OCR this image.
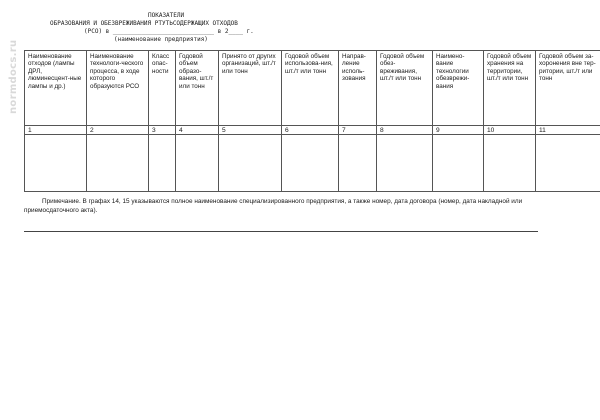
normdocs.ru
ПОКАЗАТЕЛИ
ОБРАЗОВАНИЯ И ОБЕЗВРЕЖИВАНИЯ РТУТЬСОДЕРЖАЩИХ ОТХОДОВ
(РСО) в ____________________________ в 2____ г.
(наименование предприятия)
Наименование отходов (лампы ДРЛ, люминесцент-ные лампы и др.)	Наименование технологи-ческого процесса, в ходе которого образуются РСО	Класс опас-ности	Годовой объем образо-вания, шт./т или тонн	Принято от других организаций, шт./т или тонн	Годовой объем использова-ния, шт./т или тонн	Направ-ление исполь-зования	Годовой объем обез-вреживания, шт./т или тонн	Наимено-вание технологии обезврежи-вания	Годовой объем хранения на территории, шт./т или тонн	Годовой объем за-хоронения вне тер-ритории, шт./т или тонн
1	2	3	4	5	6	7	8	9	10	11

Примечание. В графах 14, 15 указываются полное наименование специализированного предприятия, а также номер, дата договора (номер, дата накладной или приемосдаточного акта).
